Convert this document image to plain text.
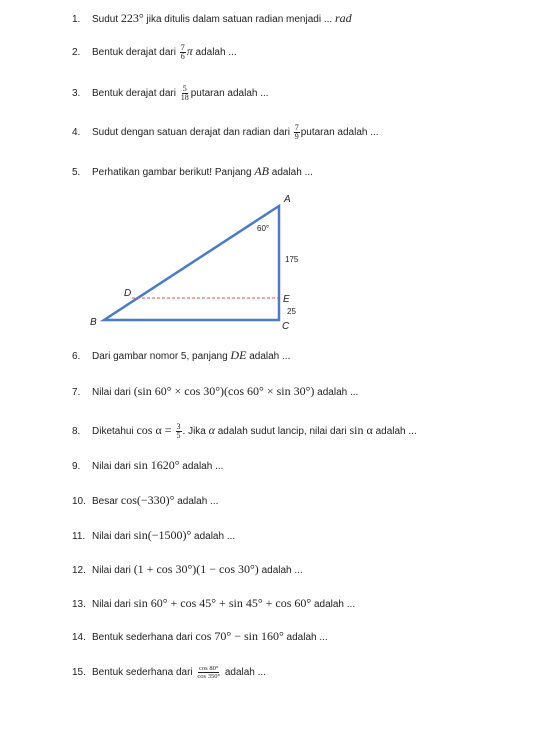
1. Sudut 223° jika ditulis dalam satuan radian menjadi ... rad
2. Bentuk derajat dari $\frac{7}{6}$ π adalah ...
3. Bentuk derajat dari $\frac{5}{18}$ putaran adalah ...
4. Sudut dengan satuan derajat dan radian dari $\frac{7}{9}$ putaran adalah ...
5. Perhatikan gambar berikut! Panjang AB adalah ...
A
B	C
D
E
60°
175
25
6. Dari gambar nomor 5, panjang DE adalah ...
7. Nilai dari (sin 60° × cos 30°)(cos 60° × sin 30°) adalah ...
8. Diketahui $\cos \alpha = \frac{3}{5}$ . Jika α adalah sudut lancip, nilai dari sin α adalah ...
9. Nilai dari sin 1620° adalah ...
10. Besar cos(−330)° adalah ...
11. Nilai dari sin(−1500)° adalah ...
12. Nilai dari (1 + cos 30°)(1 − cos 30°) adalah ...
13. Nilai dari sin 60° + cos 45° + sin 45° + cos 60° adalah ...
14. Bentuk sederhana dari cos 70° − sin 160° adalah ...
15. Bentuk sederhana dari $\frac{\cos 80^\circ}{\cos 350^\circ}$ adalah ...
